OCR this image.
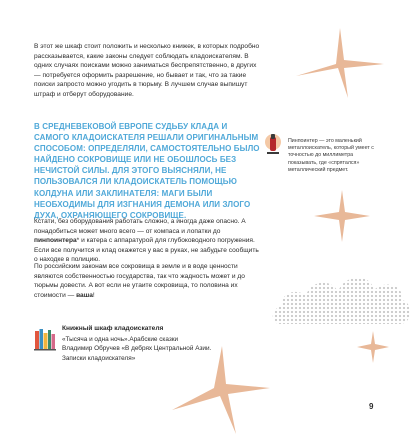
В этот же шкаф стоит положить и несколько книжек, в которых подробно рассказывается, какие законы следует соблюдать кладоискателям. В одних случаях поисками можно заниматься беспрепятственно, в других — потребуется оформить разрешение, но бывает и так, что за такие поиски запросто можно угодить в тюрьму. В лучшем случае выпишут штраф и отберут оборудование.
В СРЕДНЕВЕКОВОЙ ЕВРОПЕ СУДЬБУ КЛАДА И САМОГО КЛАДОИСКАТЕЛЯ РЕШАЛИ ОРИГИНАЛЬНЫМ СПОСОБОМ: ОПРЕДЕЛЯЛИ, САМОСТОЯТЕЛЬНО БЫЛО НАЙДЕНО СОКРОВИЩЕ ИЛИ НЕ ОБОШЛОСЬ БЕЗ НЕЧИСТОЙ СИЛЫ. ДЛЯ ЭТОГО ВЫЯСНЯЛИ, НЕ ПОЛЬЗОВАЛСЯ ЛИ КЛАДОИСКАТЕЛЬ ПОМОЩЬЮ КОЛДУНА ИЛИ ЗАКЛИНАТЕЛЯ: МАГИ БЫЛИ НЕОБХОДИМЫ ДЛЯ ИЗГНАНИЯ ДЕМОНА ИЛИ ЗЛОГО ДУХА, ОХРАНЯЮЩЕГО СОКРОВИЩЕ.
Кстати, без оборудования работать сложно, а иногда даже опасно. А понадобиться может много всего — от компаса и лопатки до пинпоинтера* и катера с аппаратурой для глубоководного погружения. Если все получится и клад окажется у вас в руках, не забудьте сообщить о находке в полицию.
По российским законам все сокровища в земле и в воде ценности являются собственностью государства, так что жадность может и до тюрьмы довести. А вот если не утаите сокровища, то половина их стоимости — ваша!
Пинпоинтер — это маленький металлоискатель, который умеет с точностью до миллиметра показывать, где «спрятался» металлический предмет.
Книжный шкаф кладоискателя
«Тысяча и одна ночь».Арабские сказки
Владимир Обручев «В дебрях Центральной Азии.
Записки кладоискателя»
9
